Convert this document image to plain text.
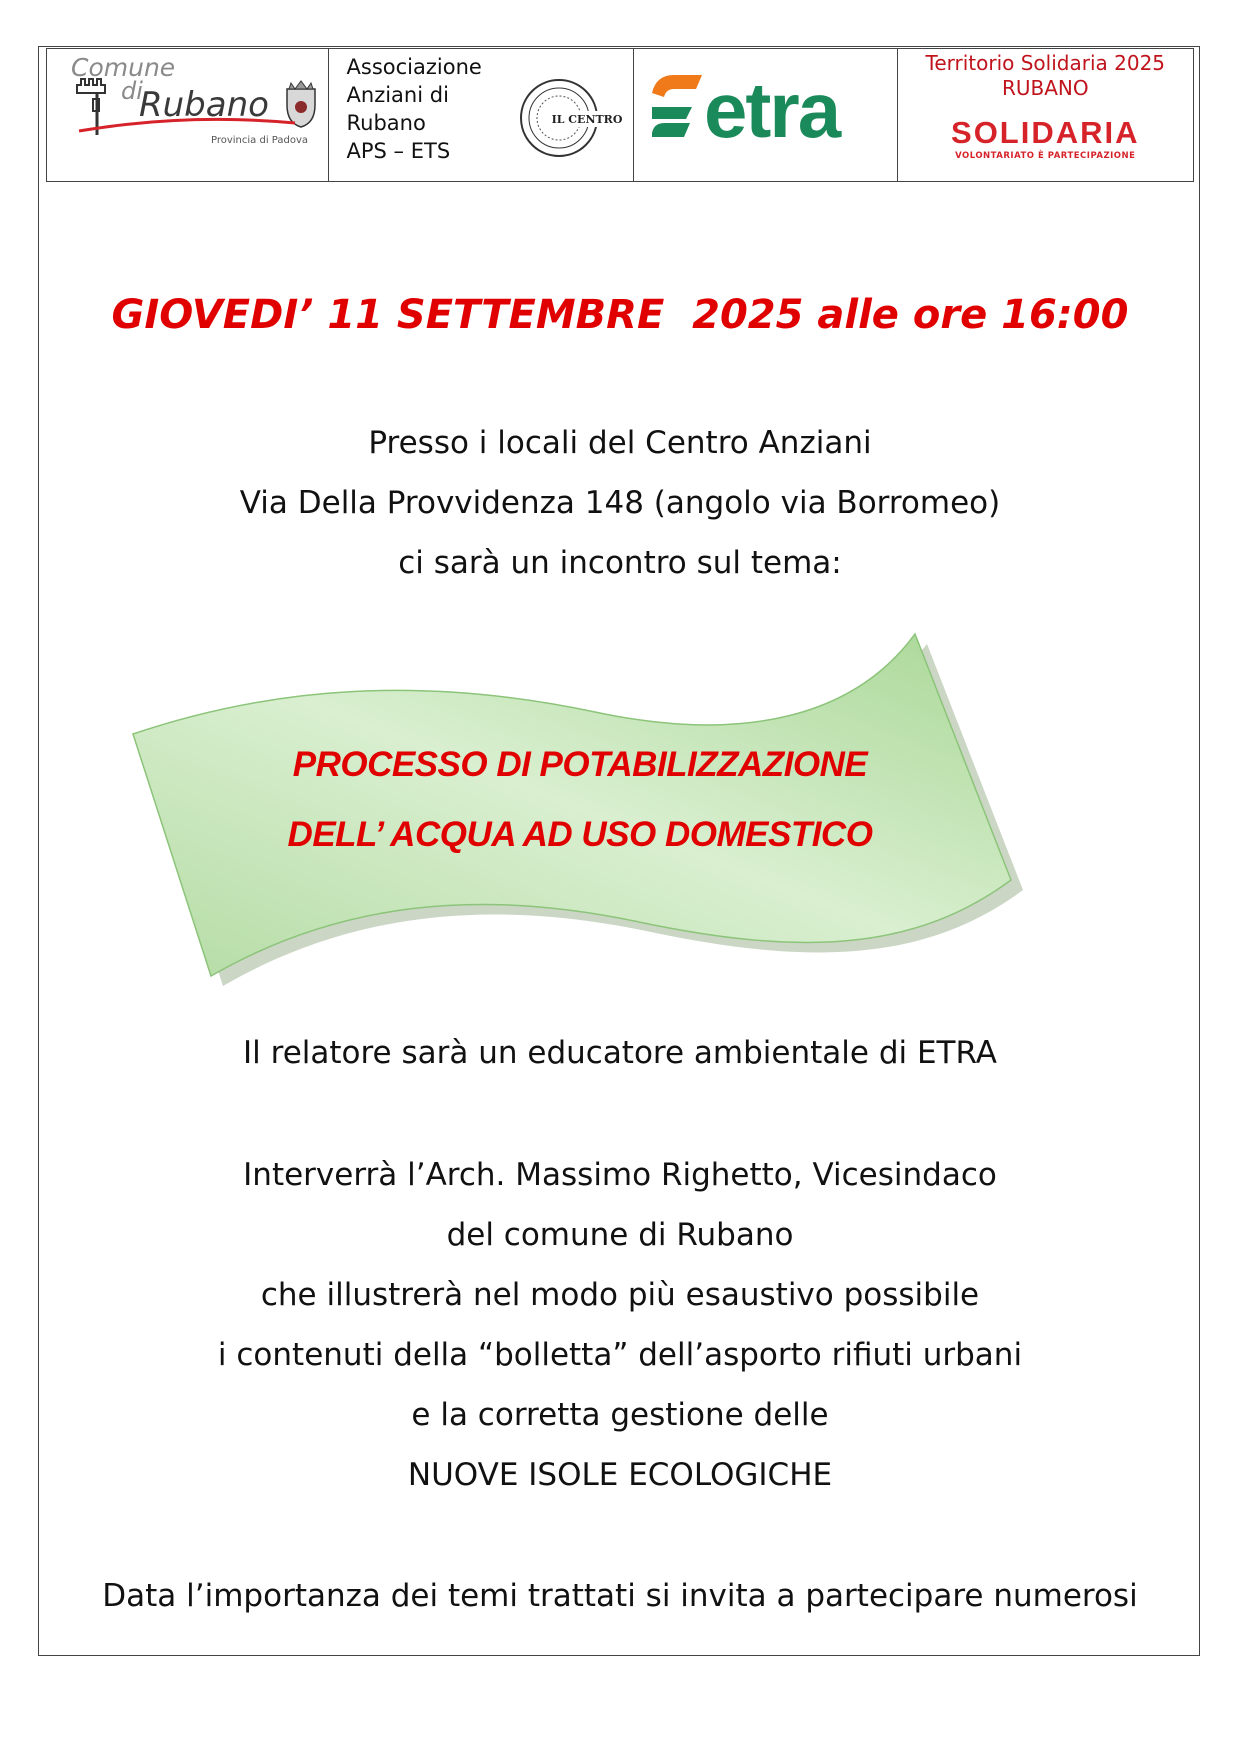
Comune
di
Rubano
Provincia di Padova
Associazione
Anziani di
Rubano
APS – ETS
IL CENTRO etra
Territorio Solidaria 2025
RUBANO
SOLIDARIA
VOLONTARIATO È PARTECIPAZIONE
GIOVEDI’ 11 SETTEMBRE  2025 alle ore 16:00
Presso i locali del Centro Anziani
Via Della Provvidenza 148 (angolo via Borromeo)
ci sarà un incontro sul tema:
PROCESSO DI POTABILIZZAZIONE
DELL’ ACQUA AD USO DOMESTICO
Il relatore sarà un educatore ambientale di ETRA
Interverrà l’Arch. Massimo Righetto, Vicesindaco
del comune di Rubano
che illustrerà nel modo più esaustivo possibile
i contenuti della “bolletta” dell’asporto rifiuti urbani
e la corretta gestione delle
NUOVE ISOLE ECOLOGICHE
Data l’importanza dei temi trattati si invita a partecipare numerosi
